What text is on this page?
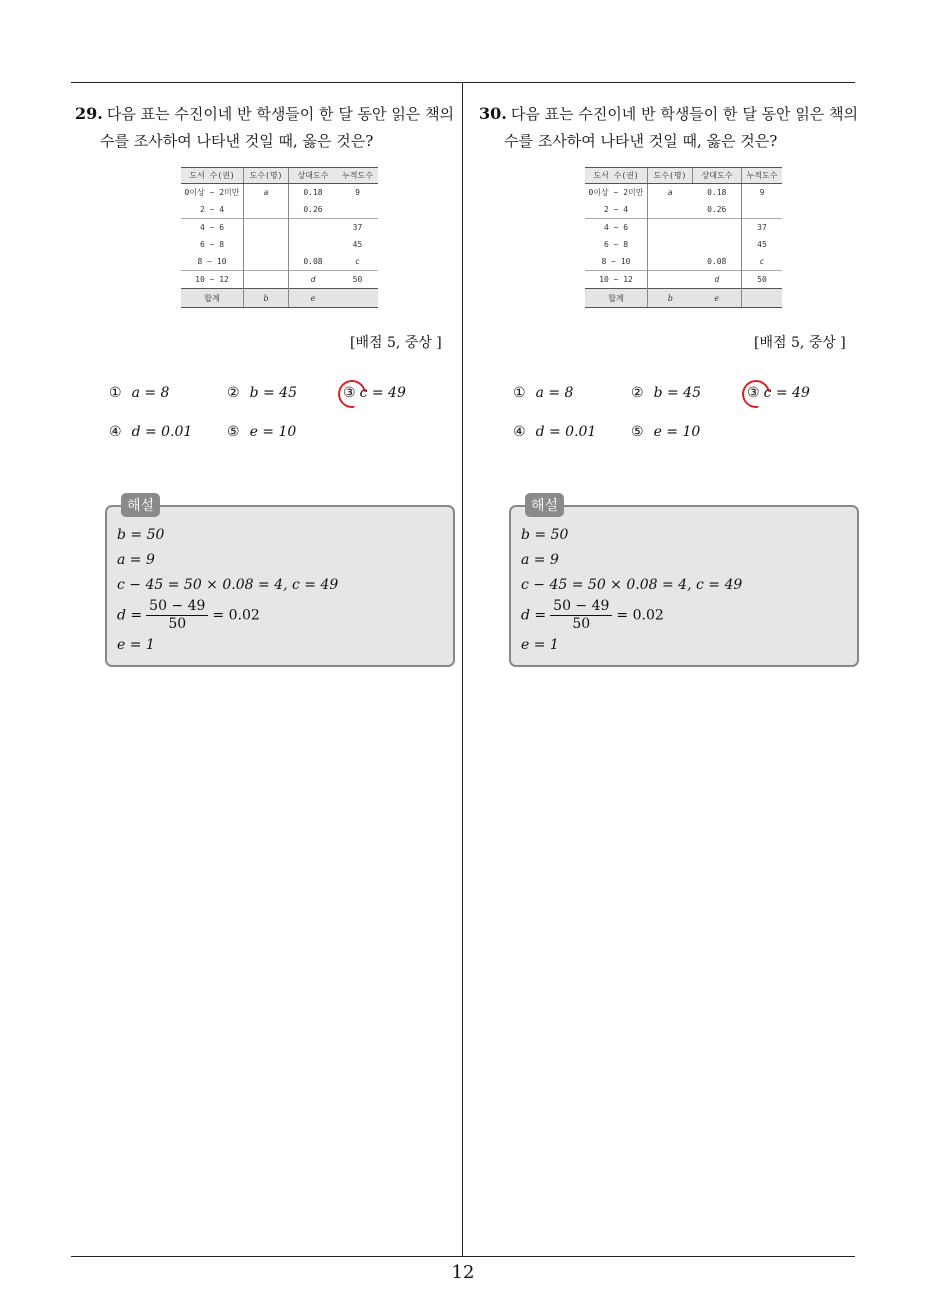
29. 다음 표는 수진이네 반 학생들이 한 달 동안 읽은 책의

수를 조사하여 나타낸 것일 때, 옳은 것은?
도서 수(권)	도수(명)	상대도수	누적도수
0이상 ~ 2미만	a	0.18	9
2 ~ 4		0.26	
4 ~ 6			37
6 ~ 8			45
8 ~ 10		0.08	c
10 ~ 12		d	50
합계	b	e	
[배점 5, 중상 ]
① a = 8	② b = 45	③ c = 49
④ d = 0.01 ⑤ e = 10
해설
b = 50
a = 9
c − 45 = 50 × 0.08 = 4, c = 49
$d = \frac{50 - 49}{50} = 0.02$
e = 1
30. 다음 표는 수진이네 반 학생들이 한 달 동안 읽은 책의

수를 조사하여 나타낸 것일 때, 옳은 것은?
도서 수(권)	도수(명)	상대도수	누적도수
0이상 ~ 2미만	a	0.18	9
2 ~ 4		0.26	
4 ~ 6			37
6 ~ 8			45
8 ~ 10		0.08	c
10 ~ 12		d	50
합계	b	e	
[배점 5, 중상 ]
① a = 8	② b = 45	③ c = 49
④ d = 0.01 ⑤ e = 10
해설
b = 50
a = 9
c − 45 = 50 × 0.08 = 4, c = 49
$d = \frac{50 - 49}{50} = 0.02$
e = 1
12
